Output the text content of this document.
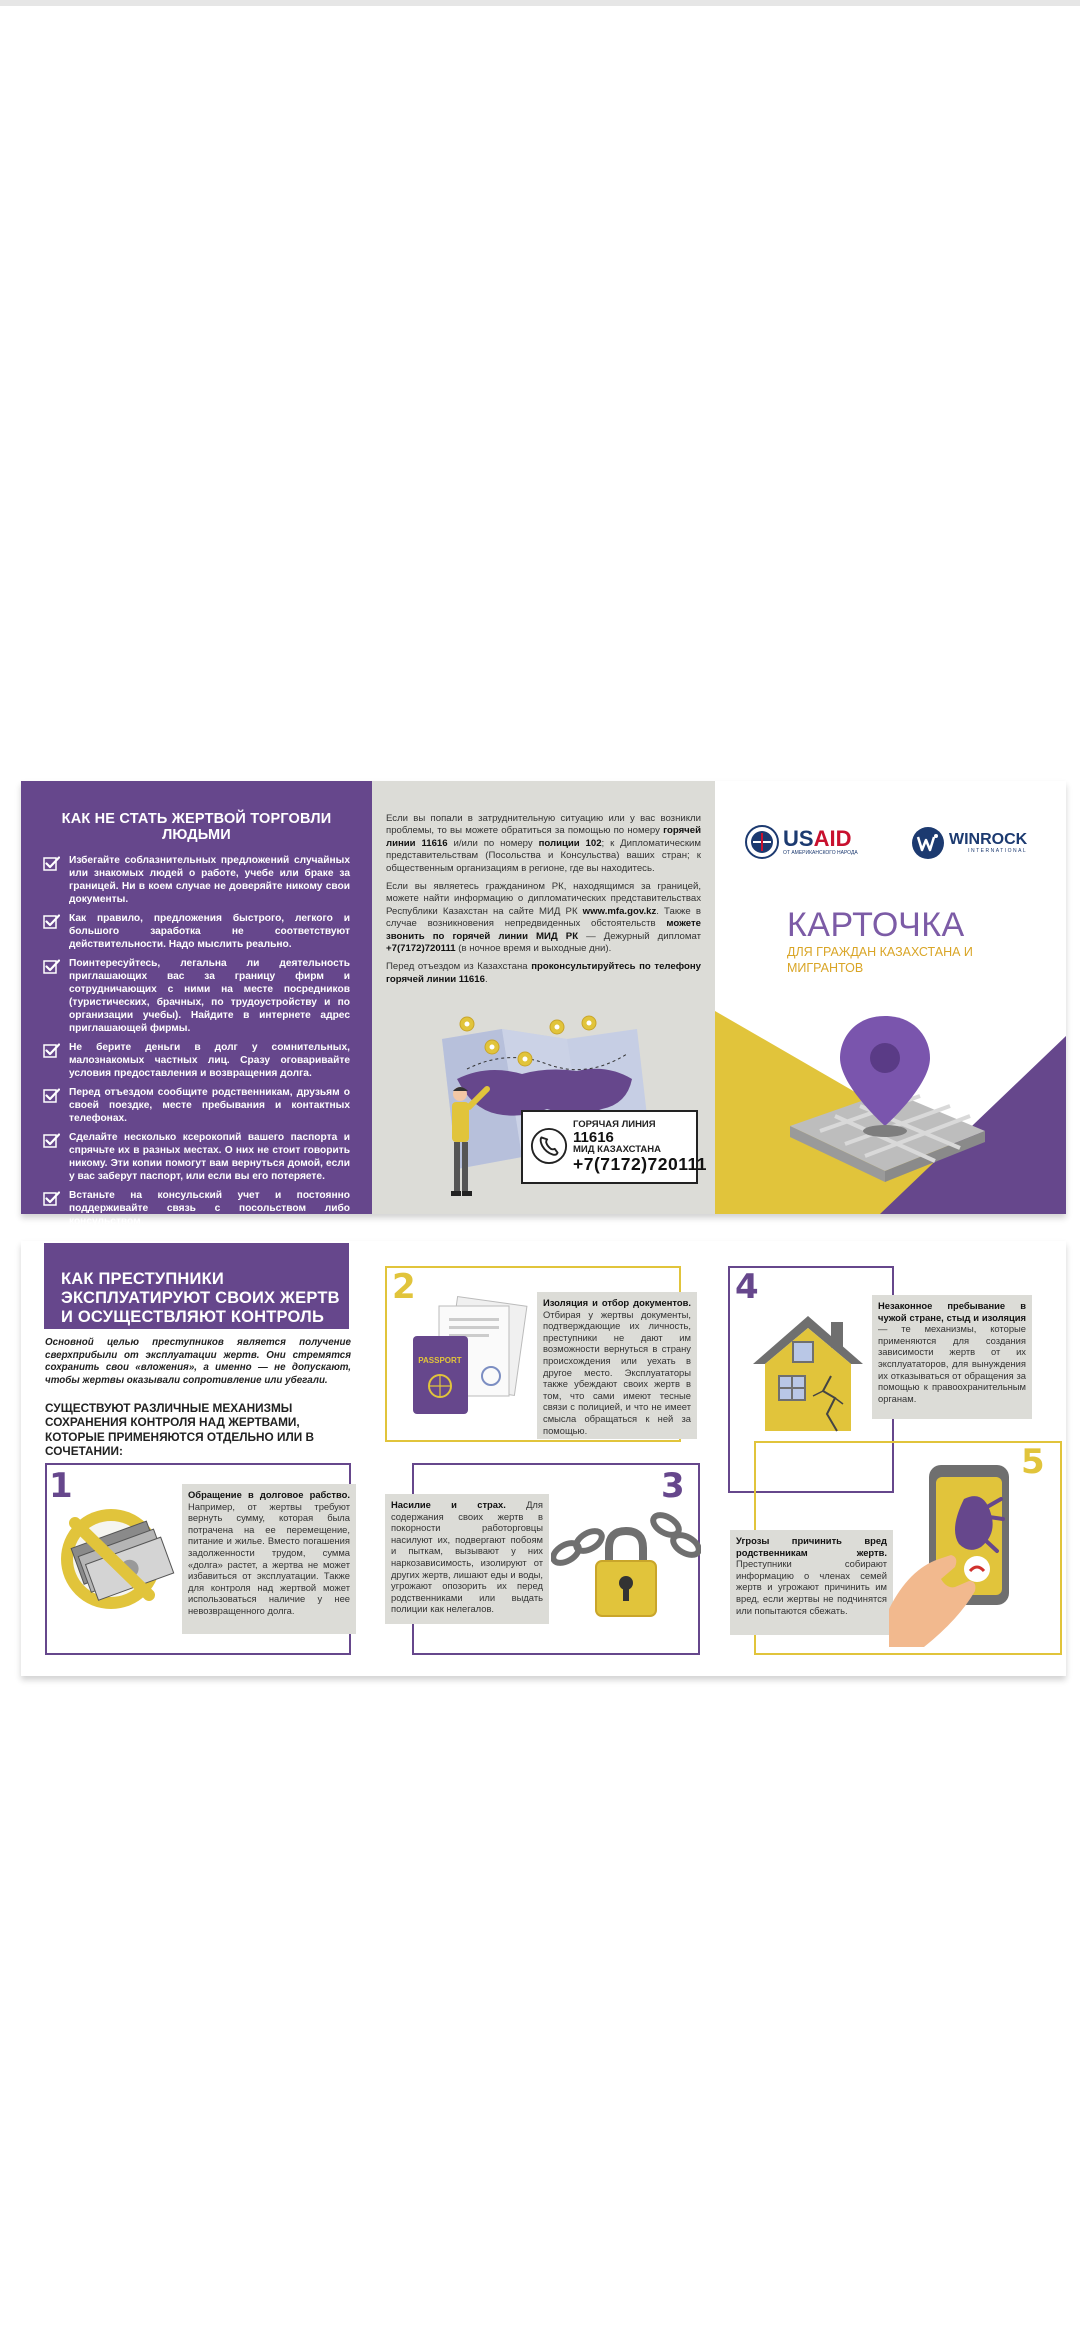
КАК НЕ СТАТЬ ЖЕРТВОЙ ТОРГОВЛИ ЛЮДЬМИ
Избегайте соблазнительных предложений случайных или знакомых людей о работе, учебе или браке за границей. Ни в коем случае не доверяйте никому свои документы.
Как правило, предложения быстрого, легкого и большого заработка не соответствуют действительности. Надо мыслить реально.
Поинтересуйтесь, легальна ли деятельность приглашающих вас за границу фирм и сотрудничающих с ними на месте посредников (туристических, брачных, по трудоустройству и по организации учебы). Найдите в интернете адрес приглашающей фирмы.
Не берите деньги в долг у сомнительных, малознакомых частных лиц. Сразу оговаривайте условия предоставления и возвращения долга.
Перед отъездом сообщите родственникам, друзьям о своей поездке, месте пребывания и контактных телефонах.
Сделайте несколько ксерокопий вашего паспорта и спрячьте их в разных местах. О них не стоит говорить никому. Эти копии помогут вам вернуться домой, если у вас заберут паспорт, или если вы его потеряете.
Встаньте на консульский учет и постоянно поддерживайте связь с посольством либо консульством.

Если вы попали в затруднительную ситуацию или у вас возникли проблемы, то вы можете обратиться за помощью по номеру горячей линии 11616 и/или по номеру полиции 102; к Дипломатическим представительствам (Посольства и Консульства) ваших стран; к общественным организациям в регионе, где вы находитесь.

Если вы являетесь гражданином РК, находящимся за границей, можете найти информацию о дипломатических представительствах Республики Казахстан на сайте МИД РК www.mfa.gov.kz. Также в случае возникновения непредвиденных обстоятельств можете звонить по горячей линии МИД РК — Дежурный дипломат +7(7172)720111 (в ночное время и выходные дни).

Перед отъездом из Казахстана проконсультируйтесь по телефону горячей линии 11616.

ГОРЯЧАЯ ЛИНИЯ
11616
МИД КАЗАХСТАНА
+7(7172)720111
USAID
ОТ АМЕРИКАНСКОГО НАРОДА
WINROCK
INTERNATIONAL
КАРТОЧКА
ДЛЯ ГРАЖДАН КАЗАХСТАНА И МИГРАНТОВ
КАК ПРЕСТУПНИКИ ЭКСПЛУАТИРУЮТ СВОИХ ЖЕРТВ И ОСУЩЕСТВЛЯЮТ КОНТРОЛЬ
Основной целью преступников является получение сверхприбыли от эксплуатации жертв. Они стремятся сохранить свои «вложения», а именно — не допускают, чтобы жертвы оказывали сопротивление или убегали.
СУЩЕСТВУЮТ РАЗЛИЧНЫЕ МЕХАНИЗМЫ СОХРАНЕНИЯ КОНТРОЛЯ НАД ЖЕРТВАМИ, КОТОРЫЕ ПРИМЕНЯЮТСЯ ОТДЕЛЬНО ИЛИ В СОЧЕТАНИИ:
1	Обращение в долговое рабство. Например, от жертвы требуют вернуть сумму, которая была потрачена на ее перемещение, питание и жилье. Вместо погашения задолженности трудом, сумма «долга» растет, а жертва не может избавиться от эксплуатации. Также для контроля над жертвой может использоваться наличие у нее невозвращенного долга.
2
PASSPORT
Изоляция и отбор документов. Отбирая у жертвы документы, подтверждающие их личность, преступники не дают им возможности вернуться в страну происхождения или уехать в другое место. Эксплуататоры также убеждают своих жертв в том, что сами имеют тесные связи с полицией, и что не имеет смысла обращаться к ней за помощью.
3
Насилие и страх. Для содержания своих жертв в покорности работорговцы насилуют их, подвергают побоям и пыткам, вызывают у них наркозависимость, изолируют от других жертв, лишают еды и воды, угрожают опозорить их перед родственниками или выдать полиции как нелегалов.
4	Незаконное пребывание в чужой стране, стыд и изоляция — те механизмы, которые применяются для создания зависимости жертв от их эксплуататоров, для вынуждения их отказываться от обращения за помощью к правоохранительным органам.
5
Угрозы причинить вред родственникам жертв. Преступники собирают информацию о членах семей жертв и угрожают причинить им вред, если жертвы не подчинятся или попытаются сбежать.
